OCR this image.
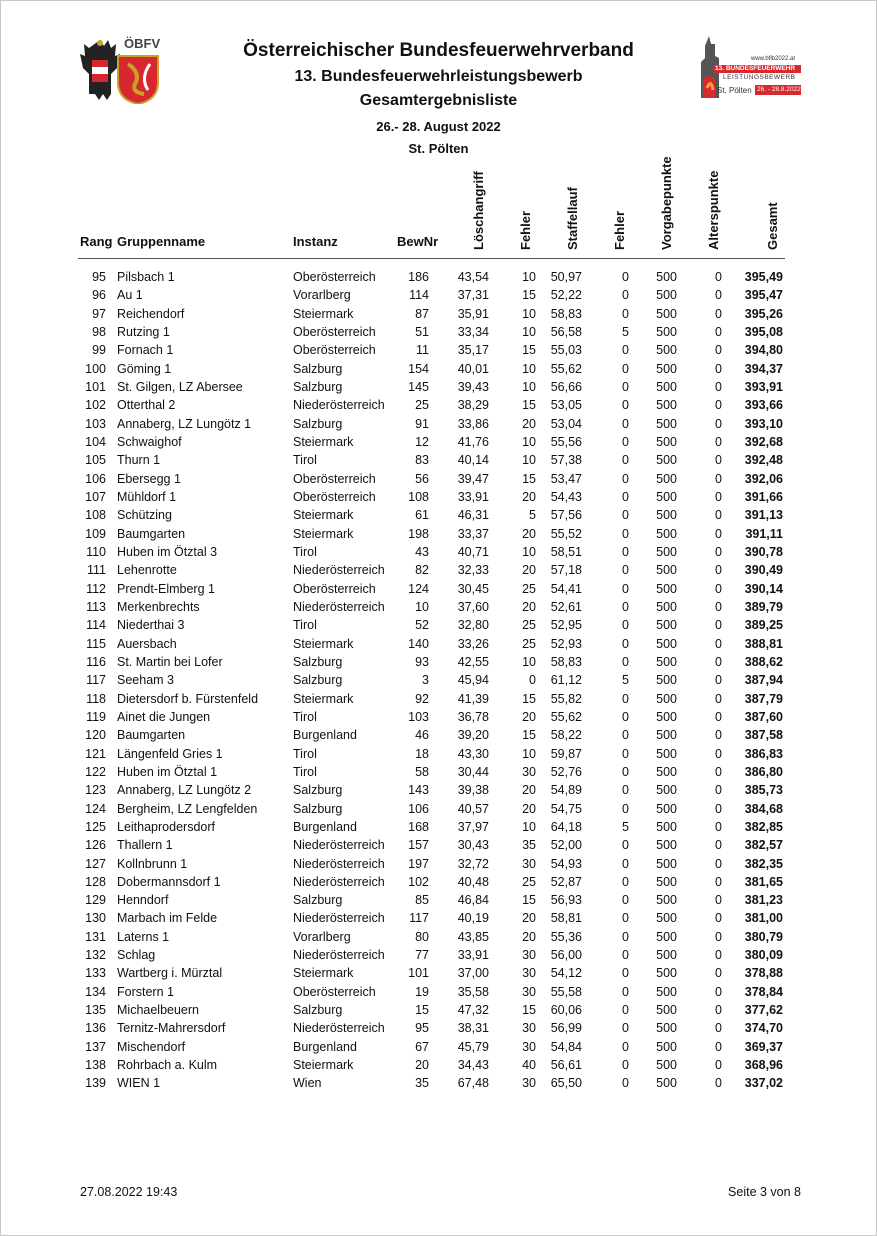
ÖBFV
www.bflb2022.at
13. BUNDESFEUERWEHR
LEISTUNGSBEWERB
St. Pölten 26. - 28.8.2022
Österreichischer Bundesfeuerwehrverband
13. Bundesfeuerwehrleistungsbewerb
Gesamtergebnisliste
26.- 28. August 2022
St. Pölten
Rang Gruppenname	Instanz	BewNr	Löschangriff Fehler Staffellauf Fehler Vorgabepunkte Alterspunkte	Gesamt
95 Pilsbach 1	Oberösterreich	186	43,54	10	50,97	0	500	0	395,49
96 Au 1	Vorarlberg	114	37,31	15	52,22	0	500	0	395,47
97 Reichendorf	Steiermark	87	35,91	10	58,83	0	500	0	395,26
98 Rutzing 1	Oberösterreich	51	33,34	10	56,58	5	500	0	395,08
99 Fornach 1	Oberösterreich	11	35,17	15	55,03	0	500	0	394,80
100 Göming 1	Salzburg	154	40,01	10	55,62	0	500	0	394,37
101 St. Gilgen, LZ Abersee	Salzburg	145	39,43	10	56,66	0	500	0	393,91
102 Otterthal 2	Niederösterreich	25	38,29	15	53,05	0	500	0	393,66
103 Annaberg, LZ Lungötz 1	Salzburg	91	33,86	20	53,04	0	500	0	393,10
104 Schwaighof	Steiermark	12	41,76	10	55,56	0	500	0	392,68
105 Thurn 1	Tirol	83	40,14	10	57,38	0	500	0	392,48
106 Ebersegg 1	Oberösterreich	56	39,47	15	53,47	0	500	0	392,06
107 Mühldorf 1	Oberösterreich	108	33,91	20	54,43	0	500	0	391,66
108 Schützing	Steiermark	61	46,31	5	57,56	0	500	0	391,13
109 Baumgarten	Steiermark	198	33,37	20	55,52	0	500	0	391,11
110 Huben im Ötztal 3	Tirol	43	40,71	10	58,51	0	500	0	390,78
111 Lehenrotte	Niederösterreich	82	32,33	20	57,18	0	500	0	390,49
112 Prendt-Elmberg 1	Oberösterreich	124	30,45	25	54,41	0	500	0	390,14
113 Merkenbrechts	Niederösterreich	10	37,60	20	52,61	0	500	0	389,79
114 Niederthai 3	Tirol	52	32,80	25	52,95	0	500	0	389,25
115 Auersbach	Steiermark	140	33,26	25	52,93	0	500	0	388,81
116 St. Martin bei Lofer	Salzburg	93	42,55	10	58,83	0	500	0	388,62
117 Seeham 3	Salzburg	3	45,94	0	61,12	5	500	0	387,94
118 Dietersdorf b. Fürstenfeld	Steiermark	92	41,39	15	55,82	0	500	0	387,79
119 Ainet die Jungen	Tirol	103	36,78	20	55,62	0	500	0	387,60
120 Baumgarten	Burgenland	46	39,20	15	58,22	0	500	0	387,58
121 Längenfeld Gries 1	Tirol	18	43,30	10	59,87	0	500	0	386,83
122 Huben im Ötztal 1	Tirol	58	30,44	30	52,76	0	500	0	386,80
123 Annaberg, LZ Lungötz 2	Salzburg	143	39,38	20	54,89	0	500	0	385,73
124 Bergheim, LZ Lengfelden	Salzburg	106	40,57	20	54,75	0	500	0	384,68
125 Leithaprodersdorf	Burgenland	168	37,97	10	64,18	5	500	0	382,85
126 Thallern 1	Niederösterreich	157	30,43	35	52,00	0	500	0	382,57
127 Kollnbrunn 1	Niederösterreich	197	32,72	30	54,93	0	500	0	382,35
128 Dobermannsdorf 1	Niederösterreich	102	40,48	25	52,87	0	500	0	381,65
129 Henndorf	Salzburg	85	46,84	15	56,93	0	500	0	381,23
130 Marbach im Felde	Niederösterreich	117	40,19	20	58,81	0	500	0	381,00
131 Laterns 1	Vorarlberg	80	43,85	20	55,36	0	500	0	380,79
132 Schlag	Niederösterreich	77	33,91	30	56,00	0	500	0	380,09
133 Wartberg i. Mürztal	Steiermark	101	37,00	30	54,12	0	500	0	378,88
134 Forstern 1	Oberösterreich	19	35,58	30	55,58	0	500	0	378,84
135 Michaelbeuern	Salzburg	15	47,32	15	60,06	0	500	0	377,62
136 Ternitz-Mahrersdorf	Niederösterreich	95	38,31	30	56,99	0	500	0	374,70
137 Mischendorf	Burgenland	67	45,79	30	54,84	0	500	0	369,37
138 Rohrbach a. Kulm	Steiermark	20	34,43	40	56,61	0	500	0	368,96
139 WIEN 1	Wien	35	67,48	30	65,50	0	500	0	337,02
27.08.2022 19:43	Seite 3 von 8
